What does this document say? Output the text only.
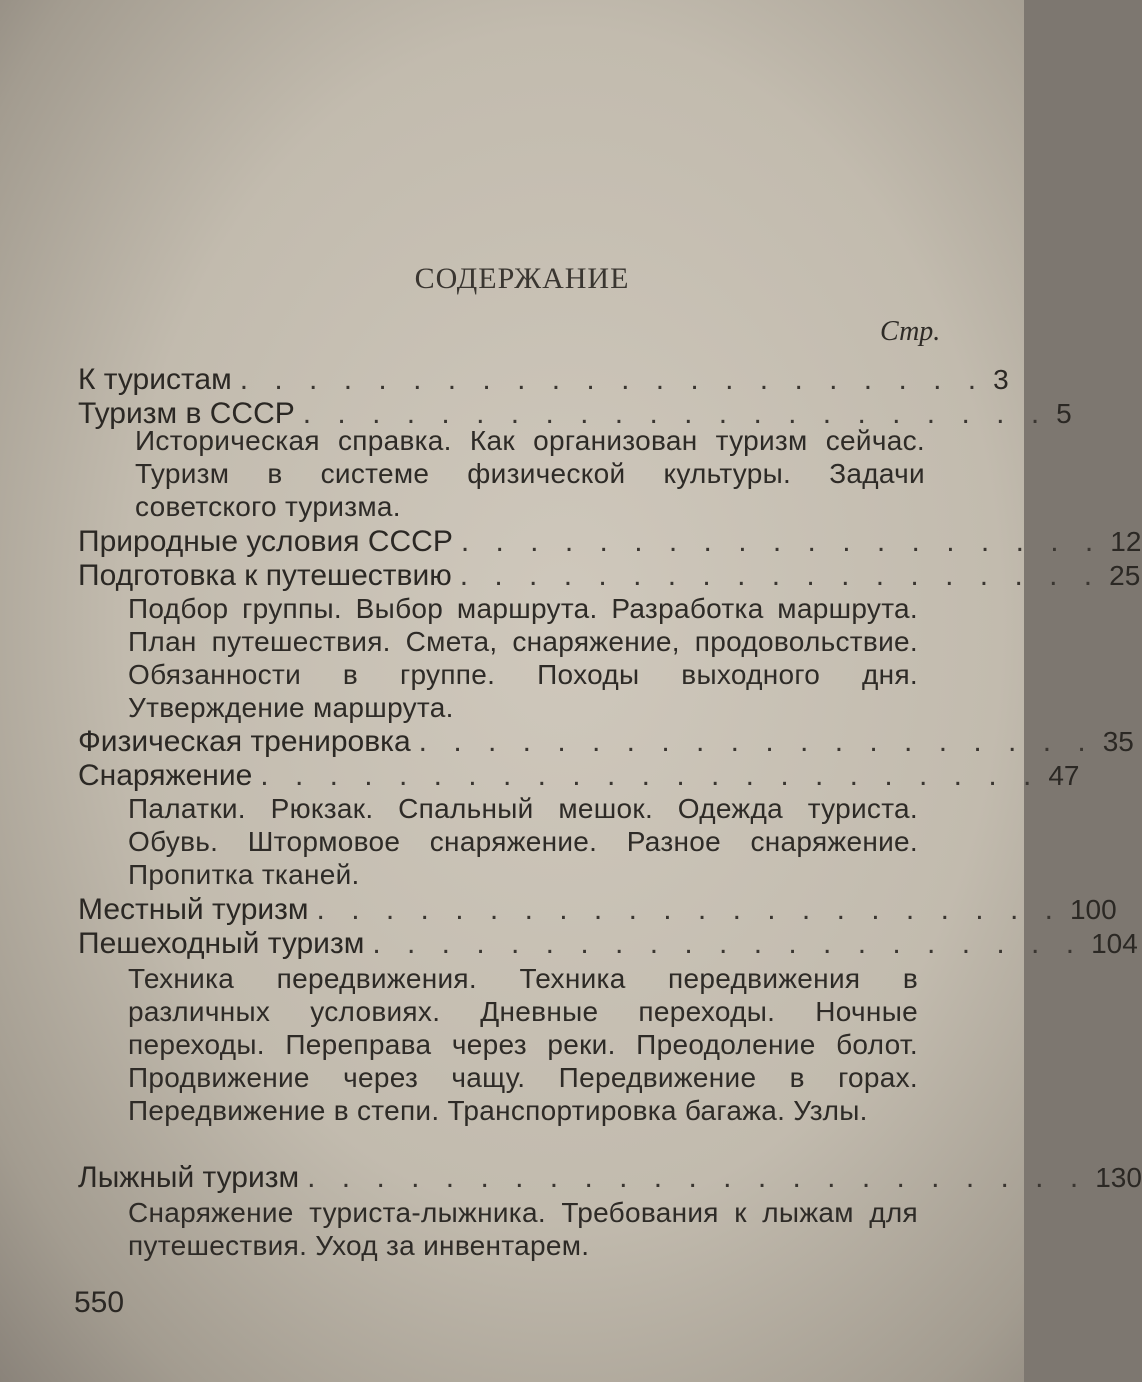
СОДЕРЖАНИЕ
Стр.
К туристам . . . . . . . . . . . . . . . . . . . . . . 3
Туризм в СССР . . . . . . . . . . . . . . . . . . . . . . 5
Историческая справка. Как организован туризм сейчас. Туризм в системе физической культуры. Задачи советского туризма.
Природные условия СССР . . . . . . . . . . . . . . . . . . . 12
Подготовка к путешествию . . . . . . . . . . . . . . . . . . . 25
Подбор группы. Выбор маршрута. Разработка маршрута. План путешествия. Смета, снаряжение, продовольствие. Обязанности в группе. Походы выходного дня. Утверждение маршрута.
Физическая тренировка . . . . . . . . . . . . . . . . . . . . 35
Снаряжение . . . . . . . . . . . . . . . . . . . . . . . 47
Палатки. Рюкзак. Спальный мешок. Одежда туриста. Обувь. Штормовое снаряжение. Разное снаряжение. Пропитка тканей.
Местный туризм . . . . . . . . . . . . . . . . . . . . . . 100
Пешеходный туризм . . . . . . . . . . . . . . . . . . . . . 104
Техника передвижения. Техника передвижения в различных условиях. Дневные переходы. Ночные переходы. Переправа через реки. Преодоление болот. Продвижение через чащу. Передвижение в горах. Передвижение в степи. Транспортировка багажа. Узлы.
Лыжный туризм . . . . . . . . . . . . . . . . . . . . . . . 130
Снаряжение туриста-лыжника. Требования к лыжам для путешествия. Уход за инвентарем.
550
